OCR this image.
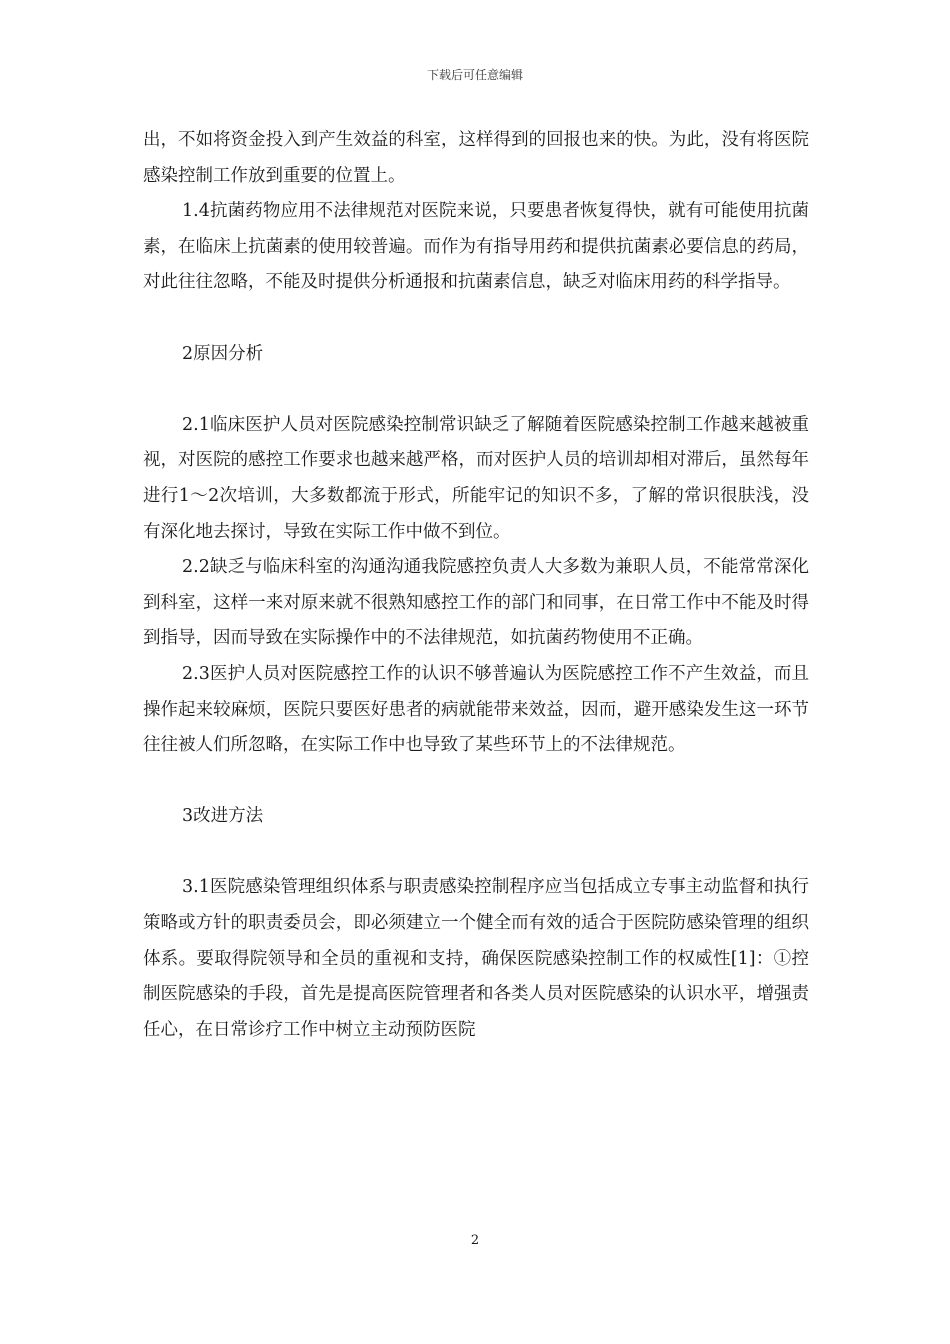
下载后可任意编辑

出，不如将资金投入到产生效益的科室，这样得到的回报也来的快。为此，没有将医院感染控制工作放到重要的位置上。

1.4抗菌药物应用不法律规范对医院来说，只要患者恢复得快，就有可能使用抗菌素，在临床上抗菌素的使用较普遍。而作为有指导用药和提供抗菌素必要信息的药局，对此往往忽略，不能及时提供分析通报和抗菌素信息，缺乏对临床用药的科学指导。

2原因分析

2.1临床医护人员对医院感染控制常识缺乏了解随着医院感染控制工作越来越被重视，对医院的感控工作要求也越来越严格，而对医护人员的培训却相对滞后，虽然每年进行1～2次培训，大多数都流于形式，所能牢记的知识不多，了解的常识很肤浅，没有深化地去探讨，导致在实际工作中做不到位。

2.2缺乏与临床科室的沟通沟通我院感控负责人大多数为兼职人员，不能常常深化到科室，这样一来对原来就不很熟知感控工作的部门和同事，在日常工作中不能及时得到指导，因而导致在实际操作中的不法律规范，如抗菌药物使用不正确。

2.3医护人员对医院感控工作的认识不够普遍认为医院感控工作不产生效益，而且操作起来较麻烦，医院只要医好患者的病就能带来效益，因而，避开感染发生这一环节往往被人们所忽略，在实际工作中也导致了某些环节上的不法律规范。

3改进方法

3.1医院感染管理组织体系与职责感染控制程序应当包括成立专事主动监督和执行策略或方针的职责委员会，即必须建立一个健全而有效的适合于医院防感染管理的组织体系。要取得院领导和全员的重视和支持，确保医院感染控制工作的权威性[1]：①控制医院感染的手段，首先是提高医院管理者和各类人员对医院感染的认识水平，增强责任心，在日常诊疗工作中树立主动预防医院

2
